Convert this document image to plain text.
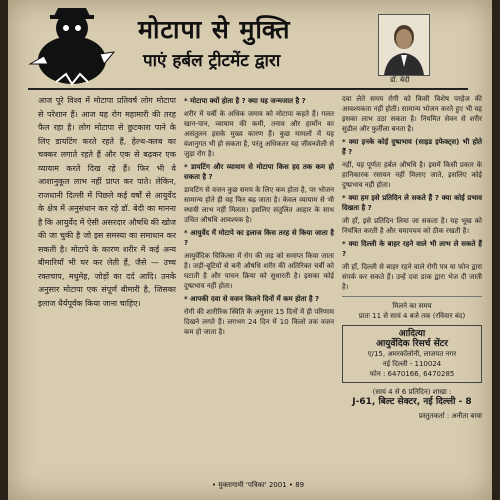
मोटापा से मुक्ति
पाएं हर्बल ट्रीटमेंट द्वारा
डॉ. बेदी

आज पूरे विश्व में मोटापा प्रतिवर्ष लोग मोटापा से परेशान हैं। आज यह रोग महामारी की तरह फैल रहा है। लोग मोटापा से छुटकारा पाने के लिए डायटिंग करते रहते हैं, हेल्थ-क्लब का चक्कर लगाते रहते हैं और एक से बढ़कर एक व्यायाम करते दिख रहे हैं। फिर भी वे आशानुकूल लाभ नहीं प्राप्त कर पाते। लेकिन, राजधानी दिल्ली में पिछले कई वर्षों से आयुर्वेद के क्षेत्र में अनुसंधान कर रहे डॉ. बेदी का मानना है कि आयुर्वेद में ऐसी असरदार औषधि की खोज की जा चुकी है जो इस समस्या का समाधान कर सकती है। मोटापे के कारण शरीर में कई अन्य बीमारियाँ भी घर कर लेती हैं, जैसे — उच्च रक्तचाप, मधुमेह, जोड़ों का दर्द आदि। उनके अनुसार मोटापा एक संपूर्ण बीमारी है, जिसका इलाज धैर्यपूर्वक किया जाना चाहिए।

* मोटापा क्यों होता है ? क्या यह जन्मजात है ?

शरीर में चर्बी के अधिक जमाव को मोटापा कहते हैं। गलत खान-पान, व्यायाम की कमी, तनाव और हार्मोन का असंतुलन इसके मुख्य कारण हैं। कुछ मामलों में यह वंशानुगत भी हो सकता है, परंतु अधिकतर यह जीवनशैली से जुड़ा रोग है।

* डायटिंग और व्यायाम से मोटापा किस हद तक कम हो सकता है ?

डायटिंग से वजन कुछ समय के लिए कम होता है, पर भोजन सामान्य होते ही वह फिर बढ़ जाता है। केवल व्यायाम से भी स्थायी लाभ नहीं मिलता। इसलिए संतुलित आहार के साथ उचित औषधि आवश्यक है।

* आयुर्वेद में मोटापे का इलाज किस तरह से किया जाता है ?

आयुर्वेदिक चिकित्सा में रोग की जड़ को समाप्त किया जाता है। जड़ी-बूटियों से बनी औषधि शरीर की अतिरिक्त चर्बी को घटाती है और पाचन क्रिया को सुधारती है। इसका कोई दुष्प्रभाव नहीं होता।

* आपकी दवा से वजन कितने दिनों में कम होता है ?

रोगी की शारीरिक स्थिति के अनुसार 15 दिनों में ही परिणाम दिखने लगते हैं। लगभग 24 दिन में 10 किलो तक वजन कम हो जाता है।

दवा लेते समय रोगी को किसी विशेष परहेज की आवश्यकता नहीं होती। सामान्य भोजन करते हुए भी वह इसका लाभ उठा सकता है। नियमित सेवन से शरीर सुडौल और फुर्तीला बनता है।

* क्या इनके कोई दुष्प्रभाव (साइड इफेक्ट्स) भी होते हैं ?

नहीं, यह पूर्णतः हर्बल औषधि है। इसमें किसी प्रकार के हानिकारक रसायन नहीं मिलाए जाते, इसलिए कोई दुष्प्रभाव नहीं होता।

* क्या हम इसे प्रतिदिन ले सकते हैं ? क्या कोई प्रभाव दिखता है ?

जी हाँ, इसे प्रतिदिन लिया जा सकता है। यह भूख को नियंत्रित करती है और चयापचय को ठीक रखती है।

* क्या दिल्ली के बाहर रहने वाले भी लाभ ले सकते हैं ?

जी हाँ, दिल्ली से बाहर रहने वाले रोगी पत्र या फोन द्वारा संपर्क कर सकते हैं। उन्हें दवा डाक द्वारा भेज दी जाती है।

मिलने का समय
प्रातः 11 से सायं 4 बजे तक (रविवार बंद)
आदित्या
आयुर्वेदिक रिसर्च सेंटर
ए/15, अमरकॉलोनी, लाजपत नगर
नई दिल्ली - 110024
फोन : 6470166, 6470285
(सायं 4 से 6 प्रतिदिन) शाखा :
J-61, बिल्ट सेक्टर, नई दिल्ली - 8
प्रस्तुतकर्ता : अनीता बावा
• मुक्तागामी 'पत्रिका' 2001 • 89
